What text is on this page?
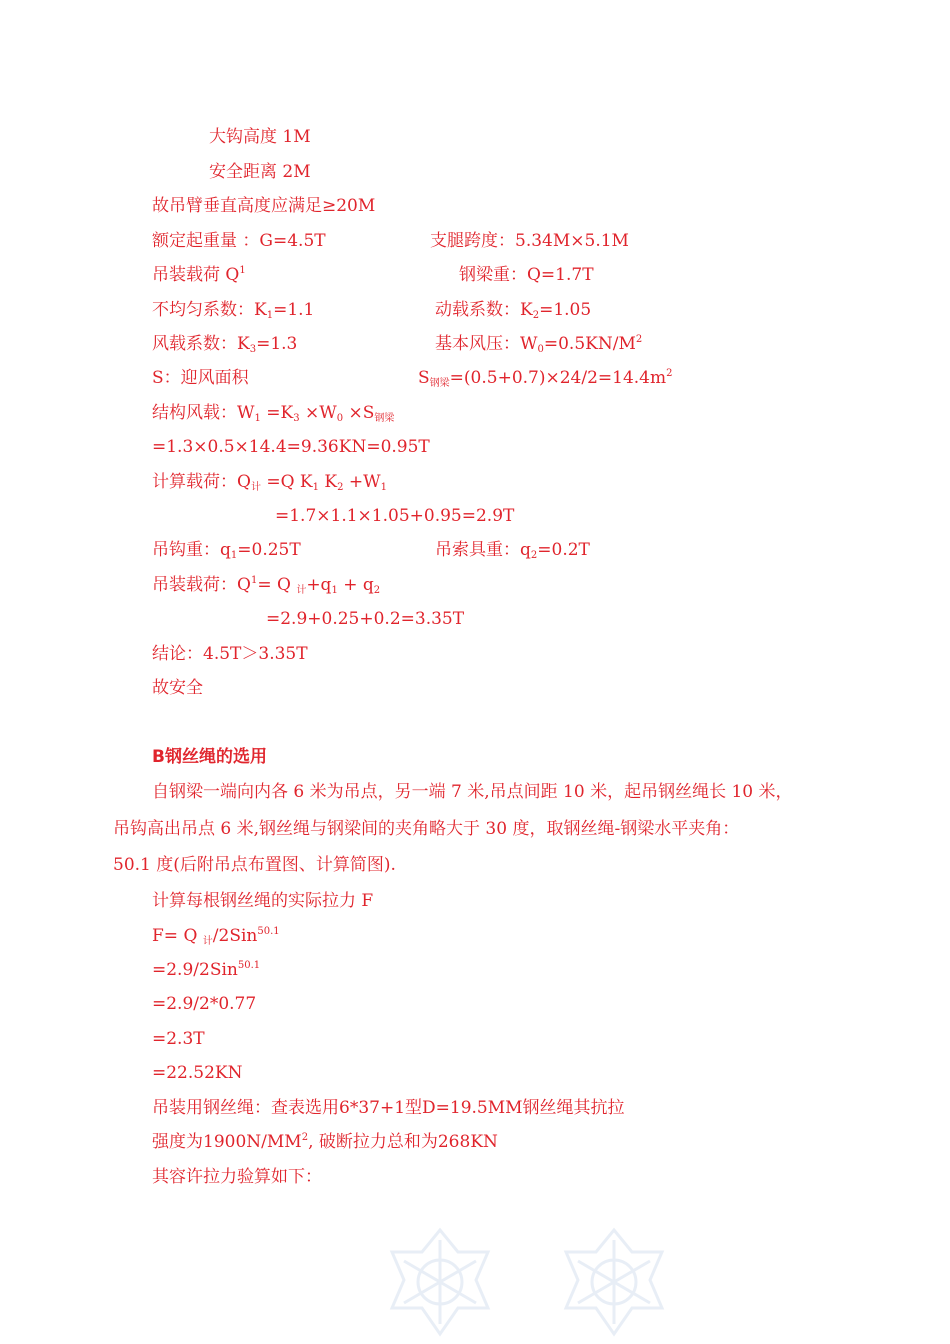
大钩高度 1M
安全距离 2M
故吊臂垂直高度应满足≥20M
额定起重量 ：G=4.5T	支腿跨度：5.34M×5.1M
吊装载荷 $Q^1$	钢梁重：Q=1.7T
不均匀系数：$K_1=1.1$	动载系数：$K_2=1.05$
风载系数：$K_3=1.3$	基本风压：$W_0=0.5KN/M^2$
S：迎风面积	$S_{钢梁}=(0.5+0.7)\times 24/2=14.4m^2$
结构风载：$W_1 =K_3 \times W_0 \times S_{钢梁}$
=1.3×0.5×14.4=9.36KN=0.95T
计算载荷：$Q_计 =Q$ $K_1$ $K_2 +W_1$
=1.7×1.1×1.05+0.95=2.9T
吊钩重：$q_1=0.25T$	吊索具重：$q_2=0.2T$
吊装载荷：$Q^1= Q$ $_计+q_1 + q_2$
=2.9+0.25+0.2=3.35T
结论：4.5T＞3.35T
故安全
B钢丝绳的选用
自钢梁一端向内各 6 米为吊点，另一端 7 米,吊点间距 10 米，起吊钢丝绳长 10 米，
吊钩高出吊点 6 米,钢丝绳与钢梁间的夹角略大于 30 度，取钢丝绳-钢梁水平夹角：
50.1 度(后附吊点布置图、计算简图).
计算每根钢丝绳的实际拉力 F
F= Q $_计$/2Sin$^{50.1}$
=2.9/2Sin$^{50.1}$
=2.9/2*0.77
=2.3T
=22.52KN
吊装用钢丝绳：查表选用6*37+1型D=19.5MM钢丝绳其抗拉
强度为$1900N/MM^2$, 破断拉力总和为268KN
其容许拉力验算如下：
